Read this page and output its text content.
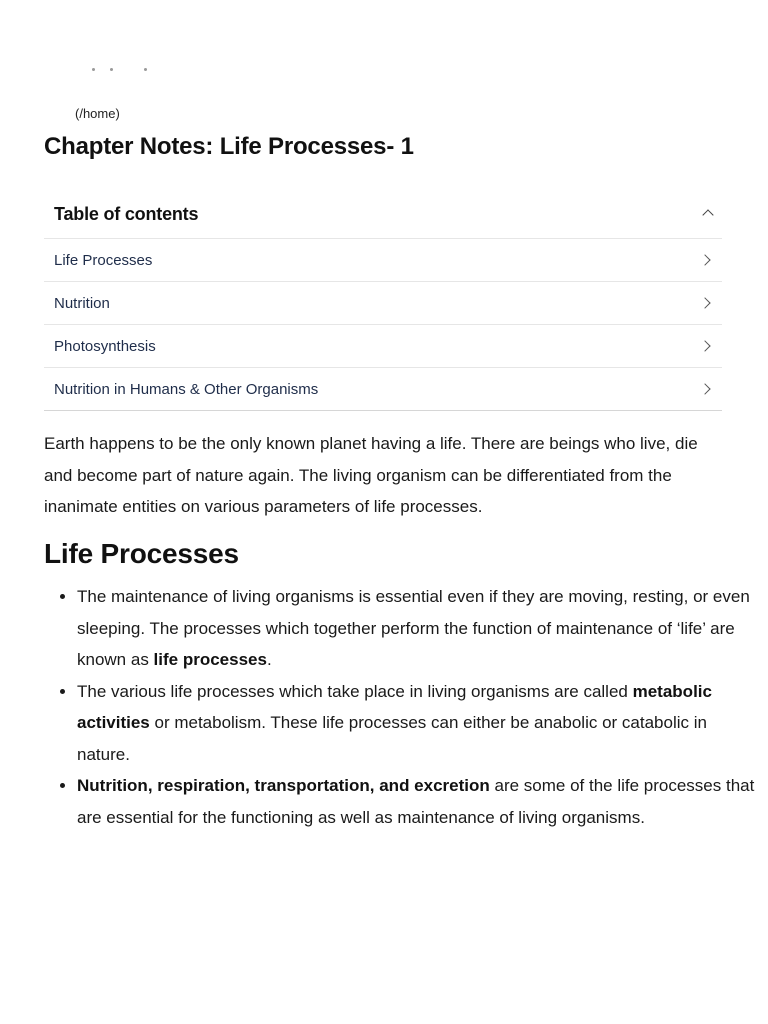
(/home)
Chapter Notes: Life Processes- 1
Table of contents
Life Processes
Nutrition
Photosynthesis
Nutrition in Humans & Other Organisms

Earth happens to be the only known planet having a life. There are beings who live, die and become part of nature again. The living organism can be differentiated from the inanimate entities on various parameters of life processes.

Life Processes
• The maintenance of living organisms is essential even if they are moving, resting, or even sleeping. The processes which together perform the function of maintenance of ‘life’ are known as life processes.
• The various life processes which take place in living organisms are called metabolic activities or metabolism. These life processes can either be anabolic or catabolic in nature.
• Nutrition, respiration, transportation, and excretion are some of the life processes that are essential for the functioning as well as maintenance of living organisms.
